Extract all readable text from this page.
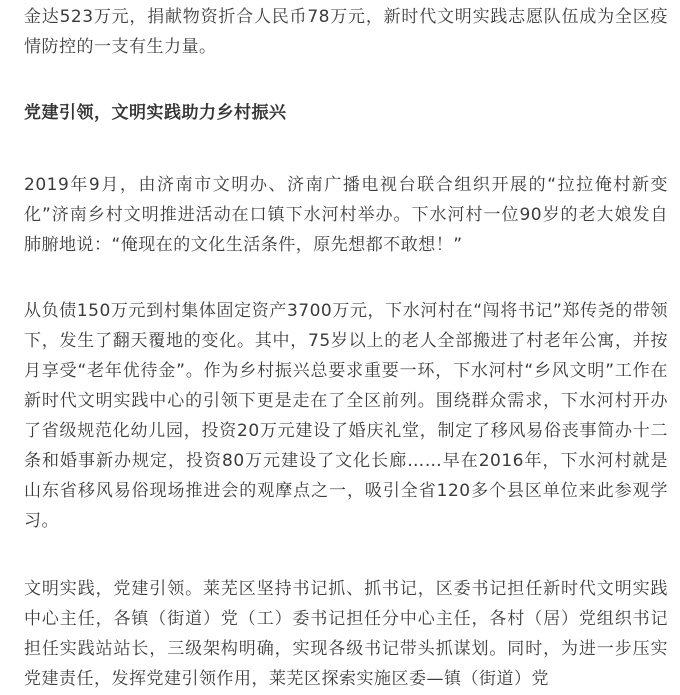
金达523万元，捐献物资折合人民币78万元，新时代文明实践志愿队伍成为全区疫情防控的一支有生力量。

党建引领，文明实践助力乡村振兴

2019年9月，由济南市文明办、济南广播电视台联合组织开展的“拉拉俺村新变化”济南乡村文明推进活动在口镇下水河村举办。下水河村一位90岁的老大娘发自肺腑地说：“俺现在的文化生活条件，原先想都不敢想！”

从负债150万元到村集体固定资产3700万元，下水河村在“闯将书记”郑传尧的带领下，发生了翻天覆地的变化。其中，75岁以上的老人全部搬进了村老年公寓，并按月享受“老年优待金”。作为乡村振兴总要求重要一环，下水河村“乡风文明”工作在新时代文明实践中心的引领下更是走在了全区前列。围绕群众需求，下水河村开办了省级规范化幼儿园，投资20万元建设了婚庆礼堂，制定了移风易俗丧事简办十二条和婚事新办规定，投资80万元建设了文化长廊……早在2016年，下水河村就是山东省移风易俗现场推进会的观摩点之一，吸引全省120多个县区单位来此参观学习。

文明实践，党建引领。莱芜区坚持书记抓、抓书记，区委书记担任新时代文明实践中心主任，各镇（街道）党（工）委书记担任分中心主任，各村（居）党组织书记担任实践站站长，三级架构明确，实现各级书记带头抓谋划。同时，为进一步压实党建责任，发挥党建引领作用，莱芜区探索实施区委—镇（街道）党
